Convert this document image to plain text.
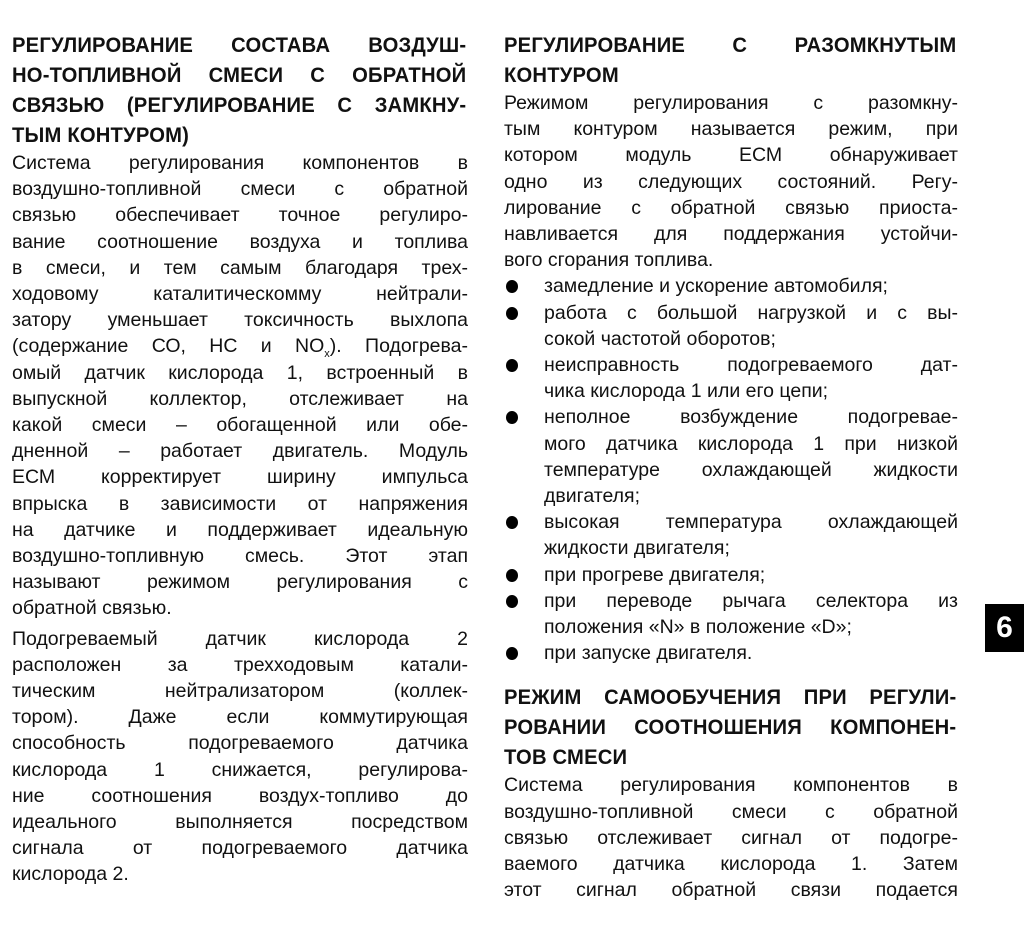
РЕГУЛИРОВАНИЕ СОСТАВА ВОЗДУШ-
НО-ТОПЛИВНОЙ СМЕСИ С ОБРАТНОЙ
СВЯЗЬЮ (РЕГУЛИРОВАНИЕ С ЗАМКНУ-
ТЫМ КОНТУРОМ)

Система регулирования компонентов в
воздушно-топливной смеси с обратной
связью обеспечивает точное регулиро-
вание соотношение воздуха и топлива
в смеси, и тем самым благодаря трех-
ходовому каталитическомму нейтрали-
затору уменьшает токсичность выхлопа
(содержание СО, НС и $NO_x$). Подогрева-
омый датчик кислорода 1, встроенный в
выпускной коллектор, отслеживает на
какой смеси – обогащенной или обе-
дненной – работает двигатель. Модуль
ЕСМ корректирует ширину импульса
впрыска в зависимости от напряжения
на датчике и поддерживает идеальную
воздушно-топливную смесь. Этот этап
называют режимом регулирования с
обратной связью.

Подогреваемый датчик кислорода 2
расположен за трехходовым катали-
тическим нейтрализатором (коллек-
тором). Даже если коммутирующая
способность подогреваемого датчика
кислорода 1 снижается, регулирова-
ние соотношения воздух-топливо до
идеального выполняется посредством
сигнала от подогреваемого датчика
кислорода 2.

РЕГУЛИРОВАНИЕ С РАЗОМКНУТЫМ
КОНТУРОМ

Режимом регулирования с разомкну-
тым контуром называется режим, при
котором модуль ЕСМ обнаруживает
одно из следующих состояний. Регу-
лирование с обратной связью приоста-
навливается для поддержания устойчи-
вого сгорания топлива.

замедление и ускорение автомобиля;
работа с большой нагрузкой и с вы-
сокой частотой оборотов;
неисправность подогреваемого дат-
чика кислорода 1 или его цепи;
неполное возбуждение подогревае-
мого датчика кислорода 1 при низкой
температуре охлаждающей жидкости
двигателя;
высокая температура охлаждающей
жидкости двигателя;
при прогреве двигателя;
при переводе рычага селектора из
положения «N» в положение «D»;
при запуске двигателя.
РЕЖИМ САМООБУЧЕНИЯ ПРИ РЕГУЛИ-
РОВАНИИ СООТНОШЕНИЯ КОМПОНЕН-
ТОВ СМЕСИ

Система регулирования компонентов в
воздушно-топливной смеси с обратной
связью отслеживает сигнал от подогре-
ваемого датчика кислорода 1. Затем
этот сигнал обратной связи подается

6
